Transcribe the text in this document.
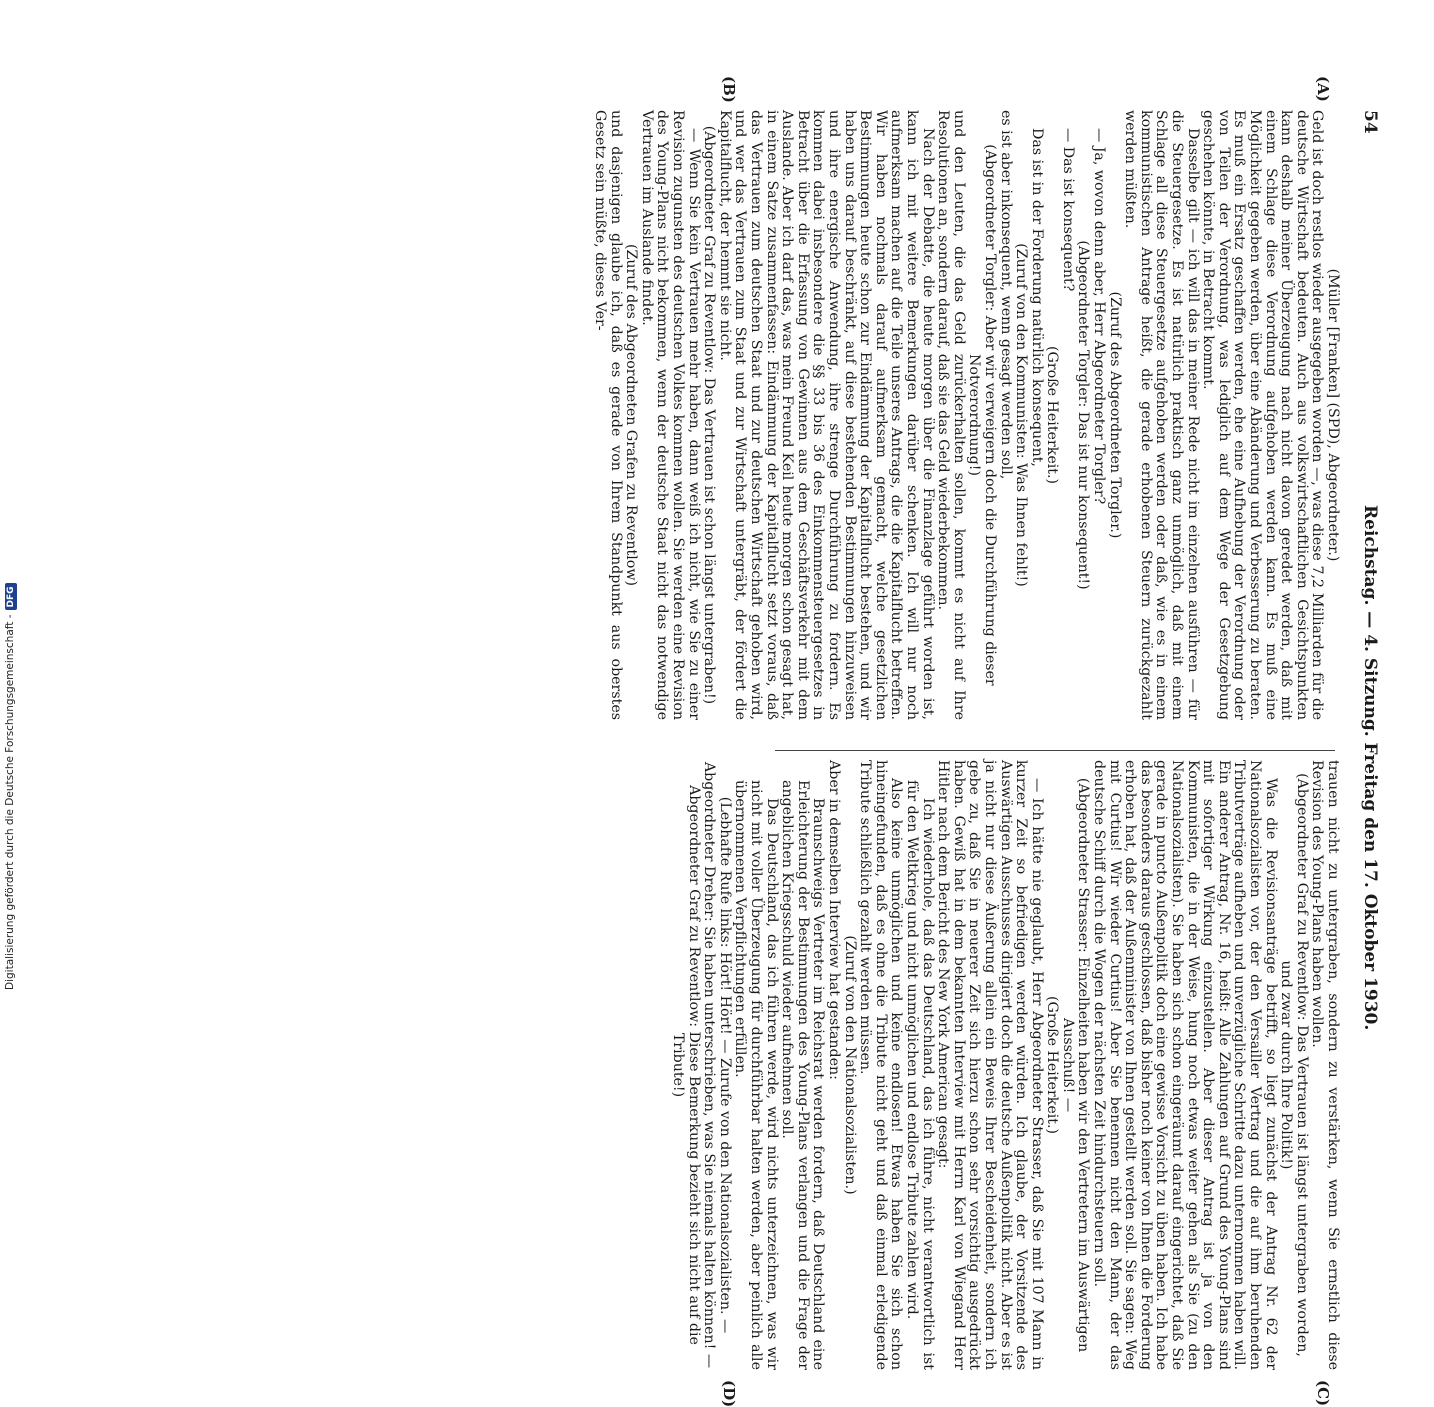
54
Reichstag. — 4. Sitzung. Freitag den 17. Oktober 1930.
(A)
(B)
(C)
(D)

(Müller [Franken] (SPD), Abgeordneter.)

Geld ist doch restlos wieder ausgegeben worden —, was diese 7,2 Milliarden für die deutsche Wirtschaft bedeuten. Auch aus volkswirtschaftlichen Gesichtspunkten kann deshalb meiner Überzeugung nach nicht davon geredet werden, daß mit einem Schlage diese Verordnung aufgehoben werden kann. Es muß eine Möglichkeit gegeben werden, über eine Abänderung und Verbesserung zu beraten. Es muß ein Ersatz geschaffen werden, ehe eine Aufhebung der Verordnung oder von Teilen der Verordnung, was lediglich auf dem Wege der Gesetzgebung geschehen könnte, in Betracht kommt.

Dasselbe gilt — ich will das in meiner Rede nicht im einzelnen ausführen — für die Steuergesetze. Es ist natürlich praktisch ganz unmöglich, daß mit einem Schlage all diese Steuergesetze aufgehoben werden oder daß, wie es in einem kommunistischen Antrage heißt, die gerade erhobenen Steuern zurückgezahlt werden müßten.

(Zuruf des Abgeordneten Torgler.)

— Ja, wovon denn aber, Herr Abgeordneter Torgler?

(Abgeordneter Torgler: Das ist nur konsequent!)

— Das ist konsequent?

(Große Heiterkeit.)

Das ist in der Forderung natürlich konsequent,

(Zuruf von den Kommunisten: Was Ihnen fehlt!)

es ist aber inkonsequent, wenn gesagt werden soll,

(Abgeordneter Torgler: Aber wir verweigern doch die Durchführung dieser Notverordnung!)

und den Leuten, die das Geld zurückerhalten sollen, kommt es nicht auf Ihre Resolutionen an, sondern darauf, daß sie das Geld wiederbekommen.

Nach der Debatte, die heute morgen über die Finanzlage geführt worden ist, kann ich mit weitere Bemerkungen darüber schenken. Ich will nur noch aufmerksam machen auf die Teile unseres Antrags, die die Kapitalflucht betreffen. Wir haben nochmals darauf aufmerksam gemacht, welche gesetzlichen Bestimmungen heute schon zur Eindämmung der Kapitalflucht bestehen, und wir haben uns darauf beschränkt, auf diese bestehenden Bestimmungen hinzuweisen und ihre energische Anwendung, ihre strenge Durchführung zu fordern. Es kommen dabei insbesondere die §§ 33 bis 36 des Einkommensteuergesetzes in Betracht über die Erfassung von Gewinnen aus dem Geschäftsverkehr mit dem Auslande. Aber ich darf das, was mein Freund Keil heute morgen schon gesagt hat, in einem Satze zusammenfassen: Eindämmung der Kapitalflucht setzt voraus, daß das Vertrauen zum deutschen Staat und zur deutschen Wirtschaft gehoben wird, und wer das Vertrauen zum Staat und zur Wirtschaft untergräbt, der fördert die Kapitalflucht, der hemmt sie nicht.

(Abgeordneter Graf zu Reventlow: Das Vertrauen ist schon längst untergraben!)

— Wenn Sie kein Vertrauen mehr haben, dann weiß ich nicht, wie Sie zu einer Revision zugunsten des deutschen Volkes kommen wollen. Sie werden eine Revision des Young-Plans nicht bekommen, wenn der deutsche Staat nicht das notwendige Vertrauen im Auslande findet.

(Zuruf des Abgeordneten Grafen zu Reventlow)

und dasjenigen glaube ich, daß es gerade von Ihrem Standpunkt aus oberstes Gesetz sein müßte, dieses Ver-

trauen nicht zu untergraben, sondern zu verstärken, wenn Sie ernstlich diese Revision des Young-Plans haben wollen.

(Abgeordneter Graf zu Reventlow: Das Vertrauen ist längst untergraben worden, und zwar durch Ihre Politik!)

Was die Revisionsanträge betrifft, so liegt zunächst der Antrag Nr. 62 der Nationalsozialisten vor, der den Versailler Vertrag und die auf ihm beruhenden Tributverträge aufheben und unverzügliche Schritte dazu unternommen haben will. Ein anderer Antrag, Nr. 16, heißt: Alle Zahlungen auf Grund des Young-Plans sind mit sofortiger Wirkung einzustellen. Aber dieser Antrag ist ja von den Kommunisten, die in der Weise, hung noch etwas weiter gehen als Sie (zu den Nationalsozialisten). Sie haben sich schon eingeräumt darauf eingerichtet, daß Sie gerade in puncto Außenpolitik doch eine gewisse Vorsicht zu üben haben. Ich habe das besonders daraus geschlossen, daß bisher noch keiner von Ihnen die Forderung erhoben hat, daß der Außenminister von Ihnen gestellt werden soll. Sie sagen: Weg mit Curtius! Wir wieder Curtius! Aber Sie benennen nicht den Mann, der das deutsche Schiff durch die Wogen der nächsten Zeit hindurchsteuern soll.

(Abgeordneter Strasser: Einzelheiten haben wir den Vertretern im Auswärtigen Ausschuß! —

(Große Heiterkeit.)

— Ich hätte nie geglaubt, Herr Abgeordneter Strasser, daß Sie mit 107 Mann in kurzer Zeit so befriedigen werden würden. Ich glaube, der Vorsitzende des Auswärtigen Ausschusses dirigiert doch die deutsche Außenpolitik nicht. Aber es ist ja nicht nur diese Äußerung allein ein Beweis Ihrer Bescheidenheit, sondern ich gebe zu, daß Sie in neuerer Zeit sich hierzu schon sehr vorsichtig ausgedrückt haben. Gewiß hat in dem bekannten Interview mit Herrn Karl von Wiegand Herr Hitler nach dem Bericht des New York American gesagt:

Ich wiederhole, daß das Deutschland, das ich führe, nicht verantwortlich ist für den Weltkrieg und nicht unmöglichen und endlose Tribute zahlen wird.

Also keine unmöglichen und keine endlosen! Etwas haben Sie sich schon hineingefunden, daß es ohne die Tribute nicht geht und daß einmal erledigende Tribute schließlich gezahlt werden müssen.

(Zuruf von den Nationalsozialisten.)

Aber in demselben Interview hat gestanden:

Braunschweigs Vertreter im Reichsrat werden fordern, daß Deutschland eine Erleichterung der Bestimmungen des Young-Plans verlangen und die Frage der angeblichen Kriegsschuld wieder aufnehmen soll.

Das Deutschland, das ich führen werde, wird nichts unterzeichnen, was wir nicht mit voller Überzeugung für durchführbar halten werden, aber peinlich alle übernommenen Verpflichtungen erfüllen.

(Lebhafte Rufe links: Hört! Hört! — Zurufe von den Nationalsozialisten. — Abgeordneter Dreher: Sie haben unterschrieben, was Sie niemals halten können! — Abgeordneter Graf zu Reventlow: Diese Bemerkung bezieht sich nicht auf die Tribute!)

Digitalisierung gefördert durch die Deutsche Forschungsgemeinschaft -DFG
